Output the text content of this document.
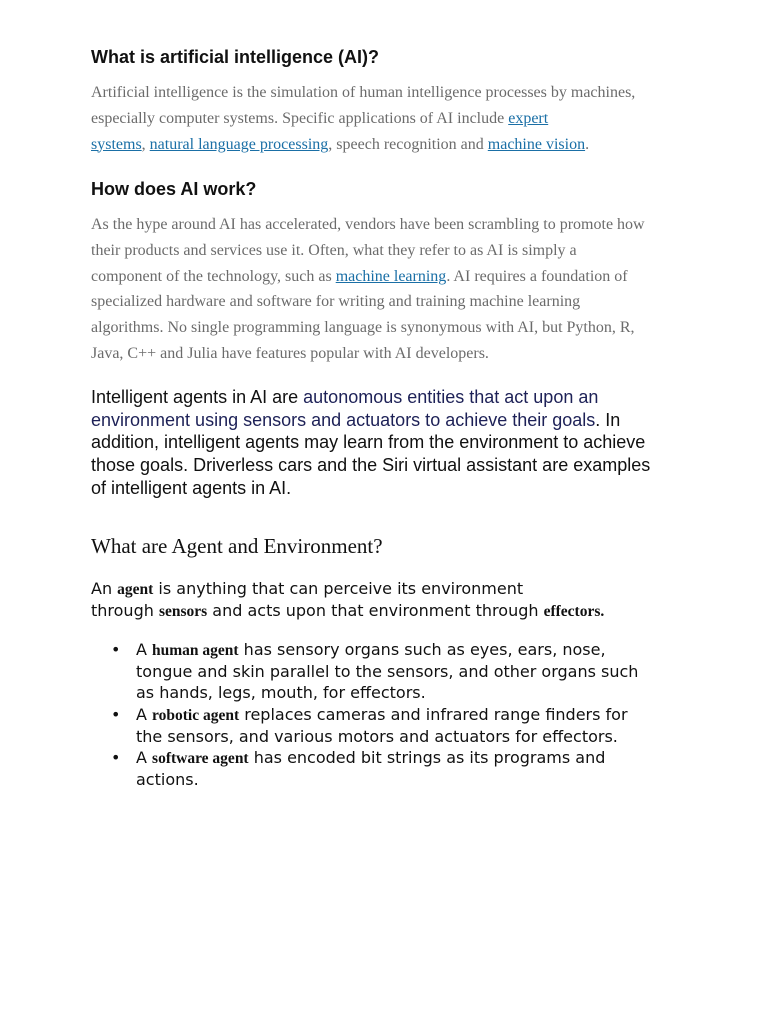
What is artificial intelligence (AI)?

Artificial intelligence is the simulation of human intelligence processes by machines,
especially computer systems. Specific applications of AI include expert
systems, natural language processing, speech recognition and machine vision.

How does AI work?

As the hype around AI has accelerated, vendors have been scrambling to promote how
their products and services use it. Often, what they refer to as AI is simply a
component of the technology, such as machine learning. AI requires a foundation of
specialized hardware and software for writing and training machine learning
algorithms. No single programming language is synonymous with AI, but Python, R,
Java, C++ and Julia have features popular with AI developers.

Intelligent agents in AI are autonomous entities that act upon an
environment using sensors and actuators to achieve their goals. In
addition, intelligent agents may learn from the environment to achieve
those goals. Driverless cars and the Siri virtual assistant are examples
of intelligent agents in AI.

What are Agent and Environment?

An agent is anything that can perceive its environment
through sensors and acts upon that environment through effectors.

• A human agent has sensory organs such as eyes, ears, nose,
tongue and skin parallel to the sensors, and other organs such
as hands, legs, mouth, for effectors.
• A robotic agent replaces cameras and infrared range finders for
the sensors, and various motors and actuators for effectors.
• A software agent has encoded bit strings as its programs and
actions.
